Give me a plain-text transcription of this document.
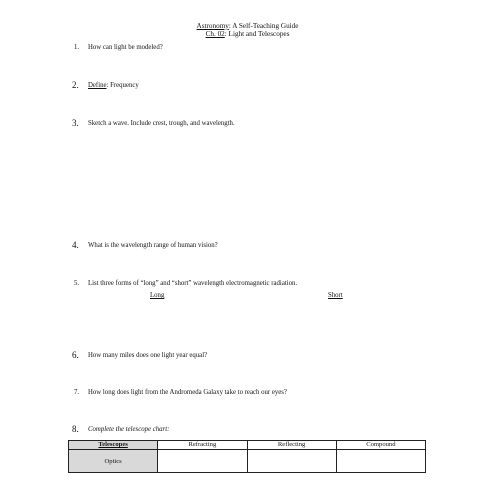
Astronomy: A Self-Teaching Guide
Ch. 02: Light and Telescopes
1. How can light be modeled?
2. Define: Frequency
3. Sketch a wave. Include crest, trough, and wavelength.
4. What is the wavelength range of human vision?
5. List three forms of “long” and “short” wavelength electromagnetic radiation.
Long	Short
6. How many miles does one light year equal?
7. How long does light from the Andromeda Galaxy take to reach our eyes?
8. Complete the telescope chart:
Telescopes	Refracting	Reflecting	Compound
Optics			
